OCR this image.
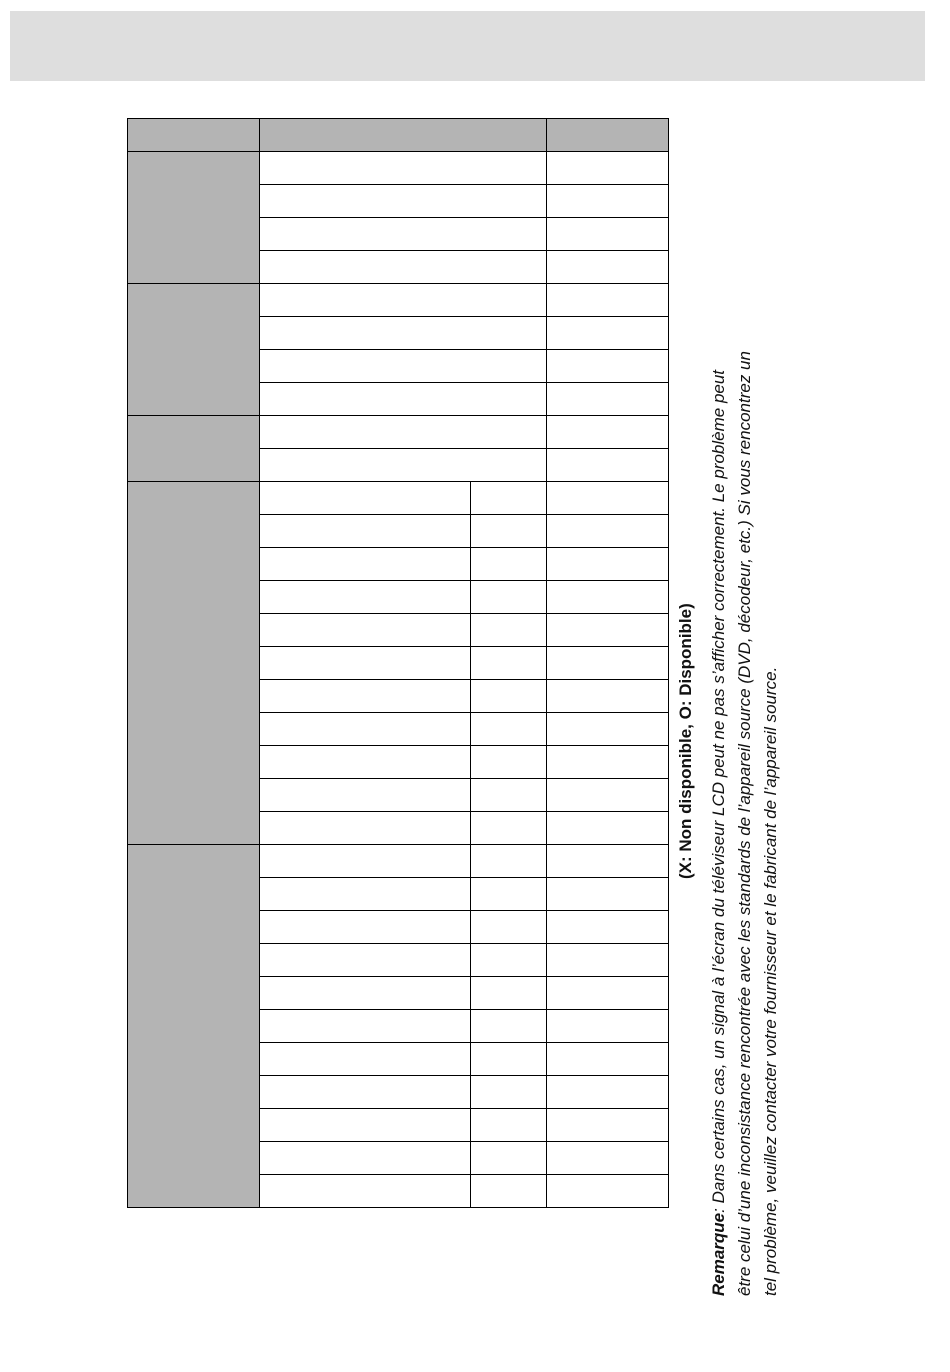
(X: Non disponible, O: Disponible)
Remarque: Dans certains cas, un signal à l’écran du téléviseur LCD peut ne pas s’afficher correctement. Le problème peut être celui d’une inconsistance rencontrée avec les standards de l’appareil source (DVD, décodeur, etc.) Si vous rencontrez un tel problème, veuillez contacter votre fournisseur et le fabricant de l’appareil source.
